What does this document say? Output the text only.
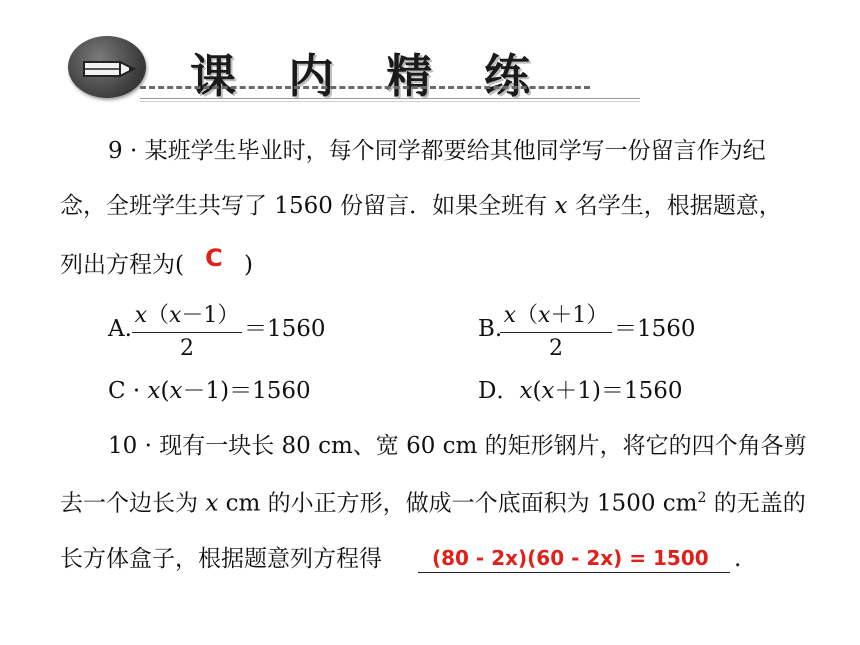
课 内 精 练
9 · 某班学生毕业时，每个同学都要给其他同学写一份留言作为纪
念，全班学生共写了 1560 份留言．如果全班有 x 名学生，根据题意，
列出方程为( C )
A.
x（x－1）
2
＝1560	B.
x（x＋1）
2
＝1560
C · x(x－1)＝1560	D．x(x＋1)＝1560
10 · 现有一块长 80 cm、宽 60 cm 的矩形钢片，将它的四个角各剪
去一个边长为 x cm 的小正方形，做成一个底面积为 1500 $cm^2$ 的无盖的
长方体盒子，根据题意列方程得	(80 - 2x)(60 - 2x) = 1500 .
